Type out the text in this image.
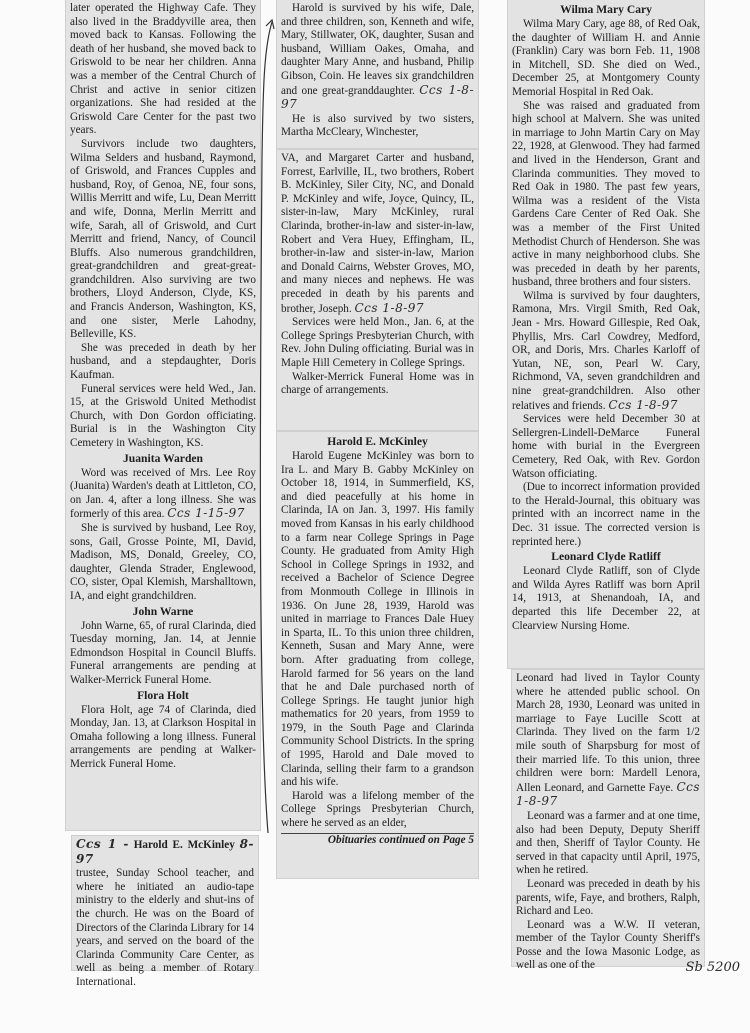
later operated the Highway Cafe. They also lived in the Braddyville area, then moved back to Kansas. Following the death of her husband, she moved back to Griswold to be near her children. Anna was a member of the Central Church of Christ and active in senior citizen organizations. She had resided at the Griswold Care Center for the past two years.

Survivors include two daughters, Wilma Selders and husband, Raymond, of Griswold, and Frances Cupples and husband, Roy, of Genoa, NE, four sons, Willis Merritt and wife, Lu, Dean Merritt and wife, Donna, Merlin Merritt and wife, Sarah, all of Griswold, and Curt Merritt and friend, Nancy, of Council Bluffs. Also numerous grandchildren, great-grandchildren and great-great-grandchildren. Also surviving are two brothers, Lloyd Anderson, Clyde, KS, and Francis Anderson, Washington, KS, and one sister, Merle Lahodny, Belleville, KS.

She was preceded in death by her husband, and a stepdaughter, Doris Kaufman.

Funeral services were held Wed., Jan. 15, at the Griswold United Methodist Church, with Don Gordon officiating. Burial is in the Washington City Cemetery in Washington, KS.

Juanita Warden

Word was received of Mrs. Lee Roy (Juanita) Warden's death at Littleton, CO, on Jan. 4, after a long illness. She was formerly of this area. Ccs 1-15-97

She is survived by husband, Lee Roy, sons, Gail, Grosse Pointe, MI, David, Madison, MS, Donald, Greeley, CO, daughter, Glenda Strader, Englewood, CO, sister, Opal Klemish, Marshalltown, IA, and eight grandchildren.

John Warne

John Warne, 65, of rural Clarinda, died Tuesday morning, Jan. 14, at Jennie Edmondson Hospital in Council Bluffs. Funeral arrangements are pending at Walker-Merrick Funeral Home.

Flora Holt

Flora Holt, age 74 of Clarinda, died Monday, Jan. 13, at Clarkson Hospital in Omaha following a long illness. Funeral arrangements are pending at Walker-Merrick Funeral Home.

Ccs 1 - Harold E. McKinley 8-97

trustee, Sunday School teacher, and where he initiated an audio-tape ministry to the elderly and shut-ins of the church. He was on the Board of Directors of the Clarinda Library for 14 years, and served on the board of the Clarinda Community Care Center, as well as being a member of Rotary International.

Harold is survived by his wife, Dale, and three children, son, Kenneth and wife, Mary, Stillwater, OK, daughter, Susan and husband, William Oakes, Omaha, and daughter Mary Anne, and husband, Philip Gibson, Coin. He leaves six grandchildren and one great-granddaughter. Ccs 1-8-97

He is also survived by two sisters, Martha McCleary, Winchester,

VA, and Margaret Carter and husband, Forrest, Earlville, IL, two brothers, Robert B. McKinley, Siler City, NC, and Donald P. McKinley and wife, Joyce, Quincy, IL, sister-in-law, Mary McKinley, rural Clarinda, brother-in-law and sister-in-law, Robert and Vera Huey, Effingham, IL, brother-in-law and sister-in-law, Marion and Donald Cairns, Webster Groves, MO, and many nieces and nephews. He was preceded in death by his parents and brother, Joseph. Ccs 1-8-97

Services were held Mon., Jan. 6, at the College Springs Presbyterian Church, with Rev. John Duling officiating. Burial was in Maple Hill Cemetery in College Springs.

Walker-Merrick Funeral Home was in charge of arrangements.

Harold E. McKinley

Harold Eugene McKinley was born to Ira L. and Mary B. Gabby McKinley on October 18, 1914, in Summerfield, KS, and died peacefully at his home in Clarinda, IA on Jan. 3, 1997. His family moved from Kansas in his early childhood to a farm near College Springs in Page County. He graduated from Amity High School in College Springs in 1932, and received a Bachelor of Science Degree from Monmouth College in Illinois in 1936. On June 28, 1939, Harold was united in marriage to Frances Dale Huey in Sparta, IL. To this union three children, Kenneth, Susan and Mary Anne, were born. After graduating from college, Harold farmed for 56 years on the land that he and Dale purchased north of College Springs. He taught junior high mathematics for 20 years, from 1959 to 1979, in the South Page and Clarinda Community School Districts. In the spring of 1995, Harold and Dale moved to Clarinda, selling their farm to a grandson and his wife.

Harold was a lifelong member of the College Springs Presbyterian Church, where he served as an elder,

Obituaries continued on Page 5
Wilma Mary Cary

Wilma Mary Cary, age 88, of Red Oak, the daughter of William H. and Annie (Franklin) Cary was born Feb. 11, 1908 in Mitchell, SD. She died on Wed., December 25, at Montgomery County Memorial Hospital in Red Oak.

She was raised and graduated from high school at Malvern. She was united in marriage to John Martin Cary on May 22, 1928, at Glenwood. They had farmed and lived in the Henderson, Grant and Clarinda communities. They moved to Red Oak in 1980. The past few years, Wilma was a resident of the Vista Gardens Care Center of Red Oak. She was a member of the First United Methodist Church of Henderson. She was active in many neighborhood clubs. She was preceded in death by her parents, husband, three brothers and four sisters.

Wilma is survived by four daughters, Ramona, Mrs. Virgil Smith, Red Oak, Jean - Mrs. Howard Gillespie, Red Oak, Phyllis, Mrs. Carl Cowdrey, Medford, OR, and Doris, Mrs. Charles Karloff of Yutan, NE, son, Pearl W. Cary, Richmond, VA, seven grandchildren and nine great-grandchildren. Also other relatives and friends. Ccs 1-8-97

Services were held December 30 at Sellergren-Lindell-DeMarce Funeral home with burial in the Evergreen Cemetery, Red Oak, with Rev. Gordon Watson officiating.

(Due to incorrect information provided to the Herald-Journal, this obituary was printed with an incorrect name in the Dec. 31 issue. The corrected version is reprinted here.)

Leonard Clyde Ratliff

Leonard Clyde Ratliff, son of Clyde and Wilda Ayres Ratliff was born April 14, 1913, at Shenandoah, IA, and departed this life December 22, at Clearview Nursing Home.

Leonard had lived in Taylor County where he attended public school. On March 28, 1930, Leonard was united in marriage to Faye Lucille Scott at Clarinda. They lived on the farm 1/2 mile south of Sharpsburg for most of their married life. To this union, three children were born: Mardell Lenora, Allen Leonard, and Garnette Faye. Ccs 1-8-97

Leonard was a farmer and at one time, also had been Deputy, Deputy Sheriff and then, Sheriff of Taylor County. He served in that capacity until April, 1975, when he retired.

Leonard was preceded in death by his parents, wife, Faye, and brothers, Ralph, Richard and Leo.

Leonard was a W.W. II veteran, member of the Taylor County Sheriff's Posse and the Iowa Masonic Lodge, as well as one of the	Sb 5200
